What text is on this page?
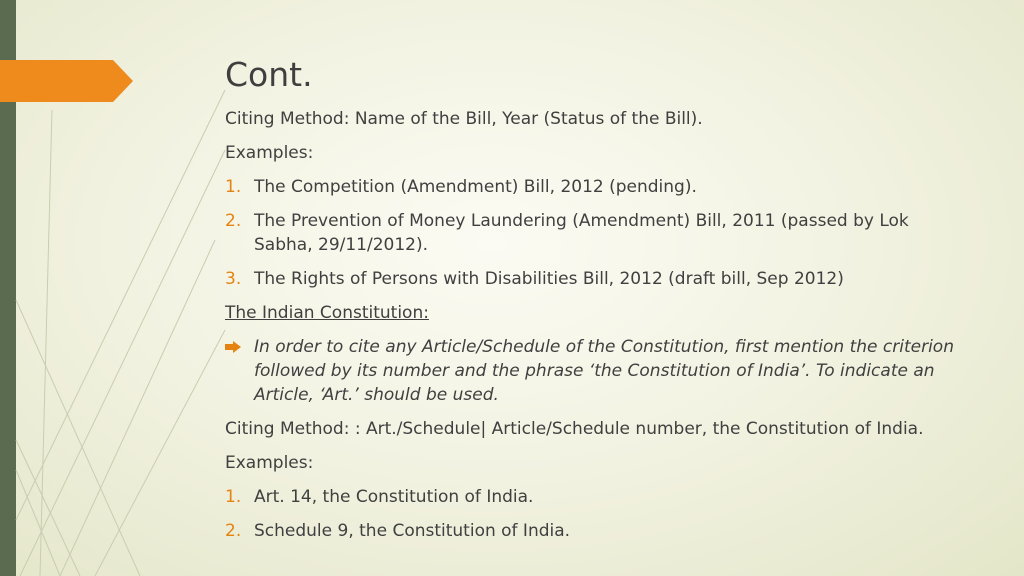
Cont.
Citing Method: Name of the Bill, Year (Status of the Bill).
Examples:
1. The Competition (Amendment) Bill, 2012 (pending).
2. The Prevention of Money Laundering (Amendment) Bill, 2011 (passed by Lok Sabha, 29/11/2012).
3. The Rights of Persons with Disabilities Bill, 2012 (draft bill, Sep 2012)
The Indian Constitution:
In order to cite any Article/Schedule of the Constitution, first mention the criterion followed by its number and the phrase ‘the Constitution of India’. To indicate an Article, ‘Art.’ should be used.
Citing Method: : Art./Schedule| Article/Schedule number, the Constitution of India.
Examples:
1. Art. 14, the Constitution of India.
2. Schedule 9, the Constitution of India.
